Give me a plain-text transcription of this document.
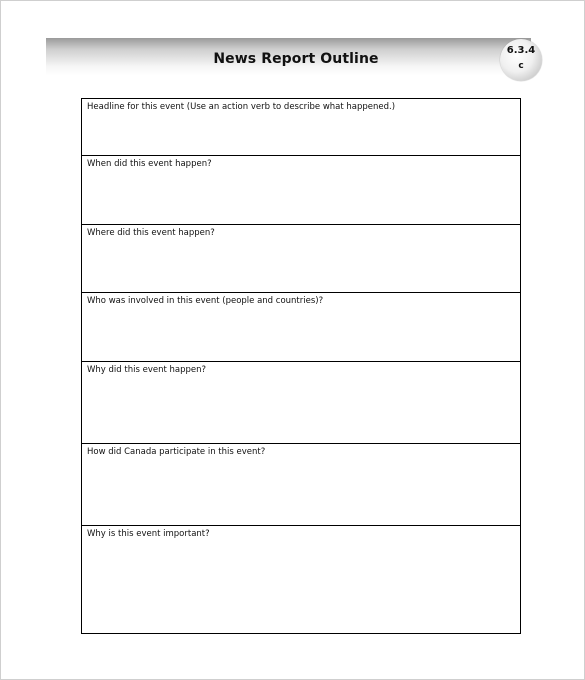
News Report Outline
6.3.4
c
Headline for this event (Use an action verb to describe what happened.)
When did this event happen?
Where did this event happen?
Who was involved in this event (people and countries)?
Why did this event happen?
How did Canada participate in this event?
Why is this event important?
